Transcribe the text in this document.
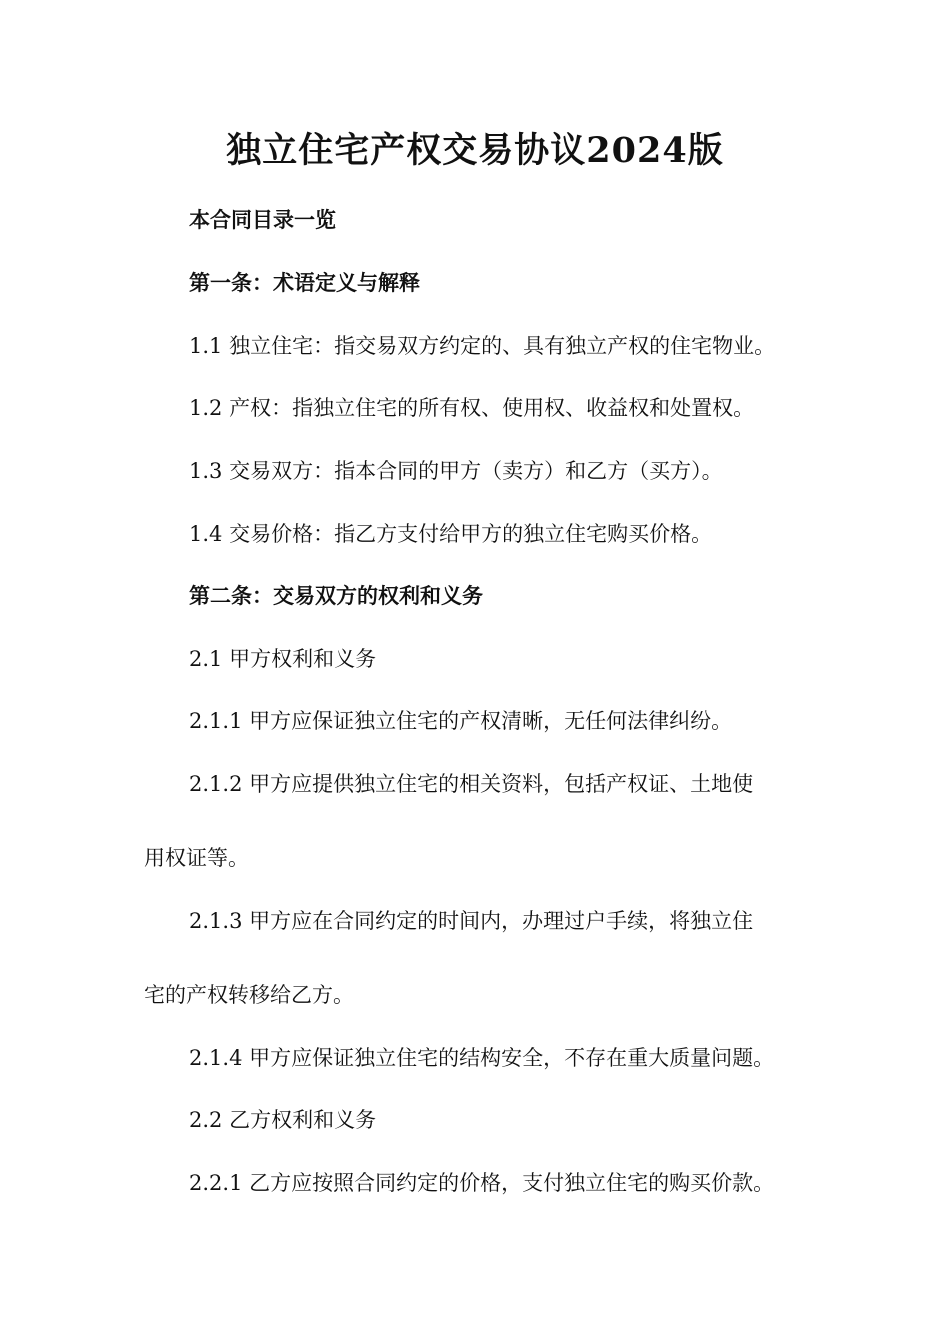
独立住宅产权交易协议2024版

本合同目录一览

第一条：术语定义与解释

1.1 独立住宅：指交易双方约定的、具有独立产权的住宅物业。

1.2 产权：指独立住宅的所有权、使用权、收益权和处置权。

1.3 交易双方：指本合同的甲方（卖方）和乙方（买方）。

1.4 交易价格：指乙方支付给甲方的独立住宅购买价格。

第二条：交易双方的权利和义务

2.1 甲方权利和义务

2.1.1 甲方应保证独立住宅的产权清晰，无任何法律纠纷。

2.1.2 甲方应提供独立住宅的相关资料，包括产权证、土地使

用权证等。

2.1.3 甲方应在合同约定的时间内，办理过户手续，将独立住

宅的产权转移给乙方。

2.1.4 甲方应保证独立住宅的结构安全，不存在重大质量问题。

2.2 乙方权利和义务

2.2.1 乙方应按照合同约定的价格，支付独立住宅的购买价款。
